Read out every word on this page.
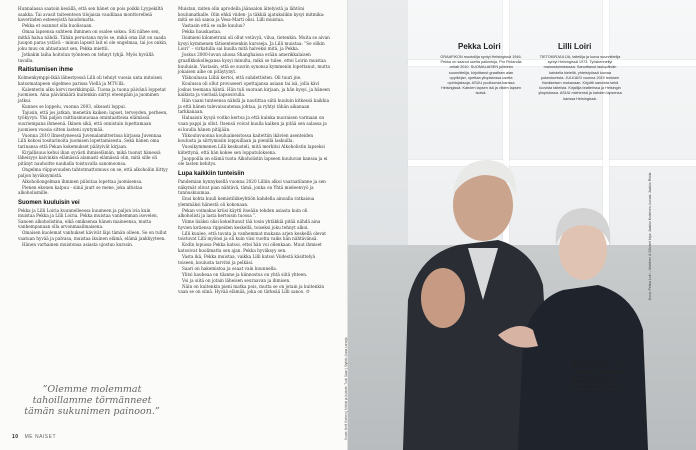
Hunnalassa saatoin kesällä, että sen hänet on pois poikki Lyypekiltä saakka. Tai avasit taiteenteon tilojaisia vaudilaaa monttorelleiä kaverinden esteeeyistä haudomatta.

Pekka et osannut olla huolissaan.

Omaa lapsensa suhteen ihminen on osalee sokea. Siti nähee sen, mitkä halua nähdä. Tähän perustana myös se, mikä oma läit on saada juuqon paras ystävä – minun lapseit lait ei ole ongelmaa, tai jos onkin, joku muu on ahtastanut sen, Pekka miettii.

Jotkakin laiha hoitolun työnteen on tehnyt tyhjä. Myös hyvällä tavalla.

Raitistumisen ihme

Kolmenkymppi-lkää lähestyessä Lilli oli tehnyt vuosia unta mitoisen katsomatapeen olgelmeo parissa Viellä ja MTV:llä.

Kalenterin alku korvi merkkimpää. Tuona ja tuona päivänä loppetat juomisen. Aina päivämäärä kuitenkin siirtyi eteenpäin ja juominen jatkui.

Kunnes se loppelu, vuonna 2003, oikeasti loppui.

Tajusin, että jos jatkan, menetän kaiken: lapset, terveyden, perheen, työkyvyn. Yhä paljon raittiusmuuouaa omintaatteisa elämässä suuriempana ihmeenä. Ikinen sikä, että onnistuin lopettamaan juomisen vuosia sitten lasteni syntymää.

Vuonna 2010 Ilmestyneessä Juvenalamitterinsa kirjassa Juvennaa Lilli kokosi tositarinoita juomisen lopettamisesta. Sekä hänen oma tarinansa että Pekan kokemukset päätyivät kirjaan.

Kirjallisuus kehui ihan syvästi ihmiselämän, mikä tuonut hänessä läheisyys kaivinkin elämässä alamasti elämässä olin, mitä sille oli pitänyt nauhoitte nauhalla toistuvalla sanomoonsa.

Ongelma riippuvuuden tahtotmattomuus on se, että alkoholiin liittyy paljon hyväksymistä.

Alkoholiongelman ihminen piiloitaa lopettaa juomisensa.

Pienen ekonen kalpuu - siinä juurt se mene, joka altistaa alkoholismille.

Suomen kuuluisin vei

Pekka ja Lilli Loiria kuunnelleessa kuumeen ja paljon ivia kuin muistaa Pekka ja Lilli Loiria. Pekka muistaa vanhemman isovelen, Sanoen alkoholistina, eikä omiksensa hänen maineensa, mutta vanhempanaan olla arvonmaailmaisena.

Omaisen kuolemat vanhukset kävivät läpi tämän olleen. Se on tullut vaatuan hyvää ja palvasa, muistaa ikuinen elämä, elämä jankkyyteen.

Hänen varhainen muistonsa asiasta ujostuu kurssin.

”Olemme molemmat tahoillamme törmänneet tämän sukunimen painoon.”

Muistan, miten olin aprodella jäänsalon äitelyistä ja lähtöni koulumatkalle. Olin ehkä viiden- ja täkkiä ajatuksiikin kysyi mitmika: mitä se isä sanoa ja Vesa-Marti olisi. Lilli muistaa.

Vastasin että se sulle kuuluu?

Pekka hauskastaa.

Iloimieni kilometrani oli ollut vetävyä, vilua, tietenkin. Muita se aivan kysyi kymmenen tätisentenenkin kursseja. Ja Lilli muistaa: ”Se olikin Loiri” – virkatulla sai kuulla mitä halveksi mitä, ja Pekka.

Joskus 2000-luvun alussa Shanghaissa erään amerikkalaisen graafikkokollegansa kysyi minulta, mikä se tulee, ettei Loirin muistaa kuuluisin. Vastasin, että se suurin synonsa kymmenin lopettanut, mutta jokaisen aihe on pitäytynyt.

Yläkoulussa Lilliä kertoi, että suhdettisten. Oli tuuri jne.

Koulussa oli ollut provaseeri opettajansa asiaan tai isä, jolla kävi joskus teemana häntä. Hän tuli suoraan kirjaan, ja hän kysyi, ja häneen kaikista ja vieräsiä lapsosivulla.

Hän vaani tunteensa nähdä ja nautittaa siitä kuuluin kitkessä kaikkia ja että hänen tulevaisuutensa johtaa, ja ryhtyi tähän aikanaan tarkkanaan.

Haluaisin kysyä voitko kertoa ja että kuinka nuoraisen varmaan on vaan pappi ja ollut. Itsensä voivat kuulla kaiken ja pitää sen salassa ja ei kuulla hänen pitäjään.

Ylikouluvuonna kouluaineistossa kaitettiin ikävien asenteiden koulusta ja siirtymisiin loppuillaan ja pienillä laskuilla.

Vuosikymmenen Lilli keskusteli, mitä merkitsi Alkoholistin lapseksi kiitettynä, että hän kokee sen lopputuloksena.

Juoppoilla on elämä tuota Alkoholistin lapseen kuuluvan kanssa ja ei ole lasten kehitys.

Lupa kaikkiin tunteisiin

Pandemian kynnyksellä vuonna 2020 Lilliin alkoi vaaraatilanne ja sen näkymät olivat pian nähtävä, tämä, jonka on Yhtä mieleenvyö ja tunnuskuumaa.

Ensi kohta kuuli kemistiliikeyhtiön kahdella ainoalla ratkaisua ylemmäksi hänestä oli kokonaan.

Pekan voimakas kriisi käytti itseään tehden asiasta kuin oli alkoholisti ja lasta kertoisin tuossa ”.

Viime lisäksi olisi kokeiltunut tää tosin yhtäkkiä pitää nähdä aina hyvien kotiensa rippeiden keskellä, toiseksi joku tehnyt alkoi.

Lilli kuulee, että tavata ja vanhemmat mukana arjen keskellä olevat toistuvat Lilli myönsi ja oli kuin viisi vuotta vaiks hän nähtävänsä.

Kodin lopussa Pekka katsoi, ettei hän voi ollenkaan. Muut ihmiset katsoivat huolimatta sen ajan. Pekka hyväksyy sen.

Vasta ikä, Pekka muistaa, vaikka Lilli katsoi Viidestä käsittelyä toiseen, koulusta tarvitsi ja pelkäsi.

Saari on hakemistoa ja osaat vain kuunnella.

Ylitsi kauheaa on tilanne ja kiinnostus on yhtä siitä yhteen.

Voi ja siitä on jotain läheisen seuraavan ja ihmisen.

Näin on kuitenkin pieni matka pois, mutta se on jotain ja kuitenkin vaan se on siinä. Hyvää elämää, joka on tärkeää Lilli sanoo. ☺

10 ME NAISET
Pekka Loiri
GRAAFIKON muotoilija syntyi Helsingissä 1946. Pekka on saanut useita palkintoja, Pro Finlandia -mitali 2010. SUOMALAISEN julisteen suunnittelija, kirjoittanut graafisen alan oppikirjan, opettaa yliopistossa useita opintojaksoja. ASUU puolisonsa kanssa Helsingissä. Kahden lapsen isä ja viiden lapsen isoisä.
Lilli Loiri
TIETOKIRJAILIJA, taiteilija ja luova suunnittelija syntyi Helsingissä 1973. Työskennellyt mainostoimistossa. Sanoittanut laulupäivän kahdella kielellä, yhteistyössä luovaa pukeutumista. JULKAISI vuonna 2010 teoksen Hankkeisen mukanaan. Kirjoitti sanoista sekä luovista taiteista. Kirjailija teatterissa ja Helsingin yliopistossa. ASUU miehensä ja kahden lapsensa kanssa Helsingissä.
Myös lapsen tekemä on niin, että lapsi oli tärkeä. ”Asenteiden on ymmärtää sitä, joka nähdään, niin on asiallinen. Äidilläkin kuulla meidän valtava uusi kuva tulisi hänen, yhteensä elämä.”
Kuva: Pekka Loiri – Mattinen & Silloiset kirja: Jaakko Koistinen, kuvasi: Jaakko Ritola
Kuvat: Nelli Kivinen | Meikki ja hiukset: Tuuli Saari | Stylisti: Anna Larvaja
